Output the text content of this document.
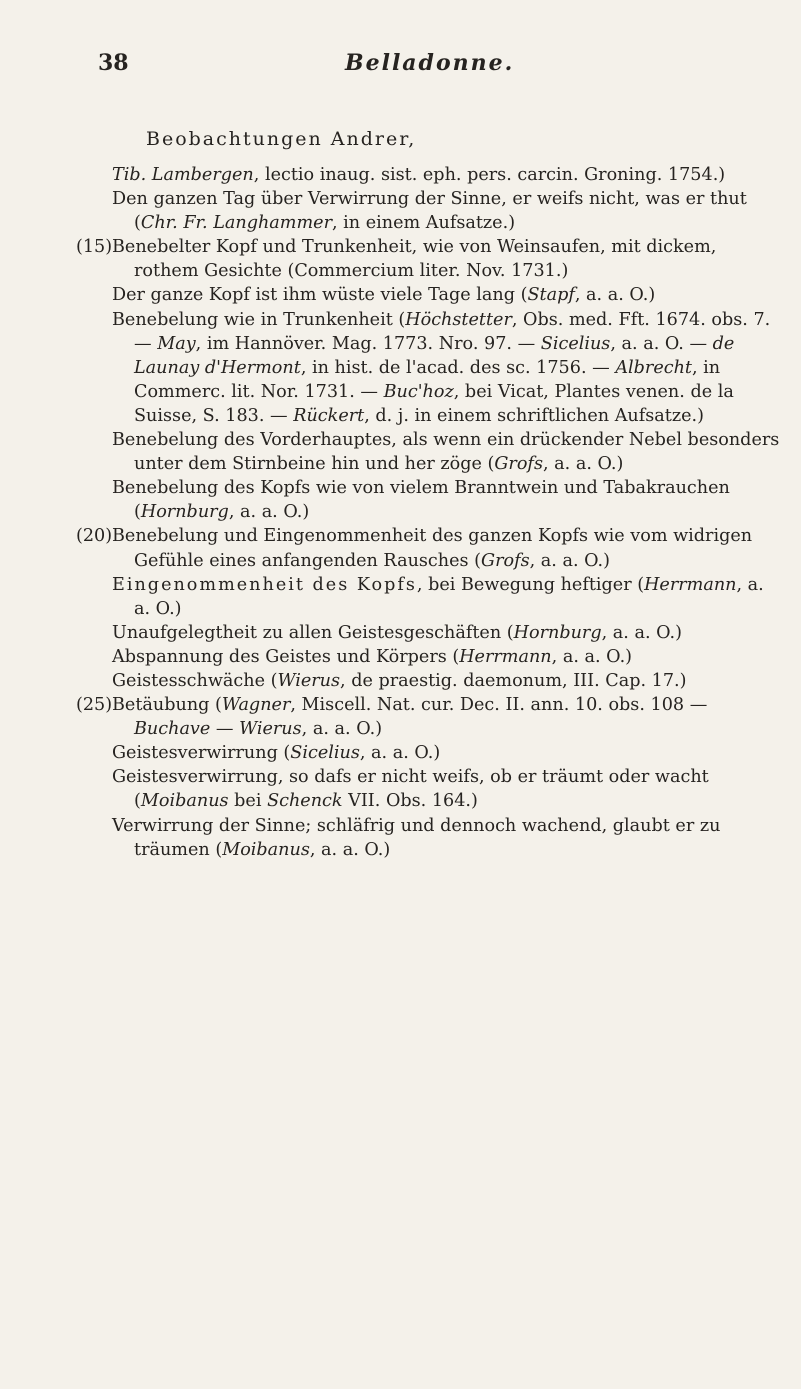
38	Belladonne.
Beobachtungen Andrer,

Tib. Lambergen, lectio inaug. sist. eph. pers. carcin. Groning. 1754.)

Den ganzen Tag über Verwirrung der Sinne, er weifs nicht, was er thut (Chr. Fr. Langhammer, in einem Aufsatze.)

(15) Benebelter Kopf und Trunkenheit, wie von Weinsaufen, mit dickem, rothem Gesichte (Commercium liter. Nov. 1731.)

Der ganze Kopf ist ihm wüste viele Tage lang (Stapf, a. a. O.)

Benebelung wie in Trunkenheit (Höchstetter, Obs. med. Fft. 1674. obs. 7. — May, im Hannöver. Mag. 1773. Nro. 97. — Sicelius, a. a. O. — de Launay d'Hermont, in hist. de l'acad. des sc. 1756. — Albrecht, in Commerc. lit. Nor. 1731. — Buc'hoz, bei Vicat, Plantes venen. de la Suisse, S. 183. — Rückert, d. j. in einem schriftlichen Aufsatze.)

Benebelung des Vorderhauptes, als wenn ein drückender Nebel besonders unter dem Stirnbeine hin und her zöge (Grofs, a. a. O.)

Benebelung des Kopfs wie von vielem Branntwein und Tabakrauchen (Hornburg, a. a. O.)

(20) Benebelung und Eingenommenheit des ganzen Kopfs wie vom widrigen Gefühle eines anfangenden Rausches (Grofs, a. a. O.)

Eingenommenheit des Kopfs, bei Bewegung heftiger (Herrmann, a. a. O.)

Unaufgelegtheit zu allen Geistesgeschäften (Hornburg, a. a. O.)

Abspannung des Geistes und Körpers (Herrmann, a. a. O.)

Geistesschwäche (Wierus, de praestig. daemonum, III. Cap. 17.)

(25) Betäubung (Wagner, Miscell. Nat. cur. Dec. II. ann. 10. obs. 108 — Buchave — Wierus, a. a. O.)

Geistesverwirrung (Sicelius, a. a. O.)

Geistesverwirrung, so dafs er nicht weifs, ob er träumt oder wacht (Moibanus bei Schenck VII. Obs. 164.)

Verwirrung der Sinne; schläfrig und dennoch wachend, glaubt er zu träumen (Moibanus, a. a. O.)
